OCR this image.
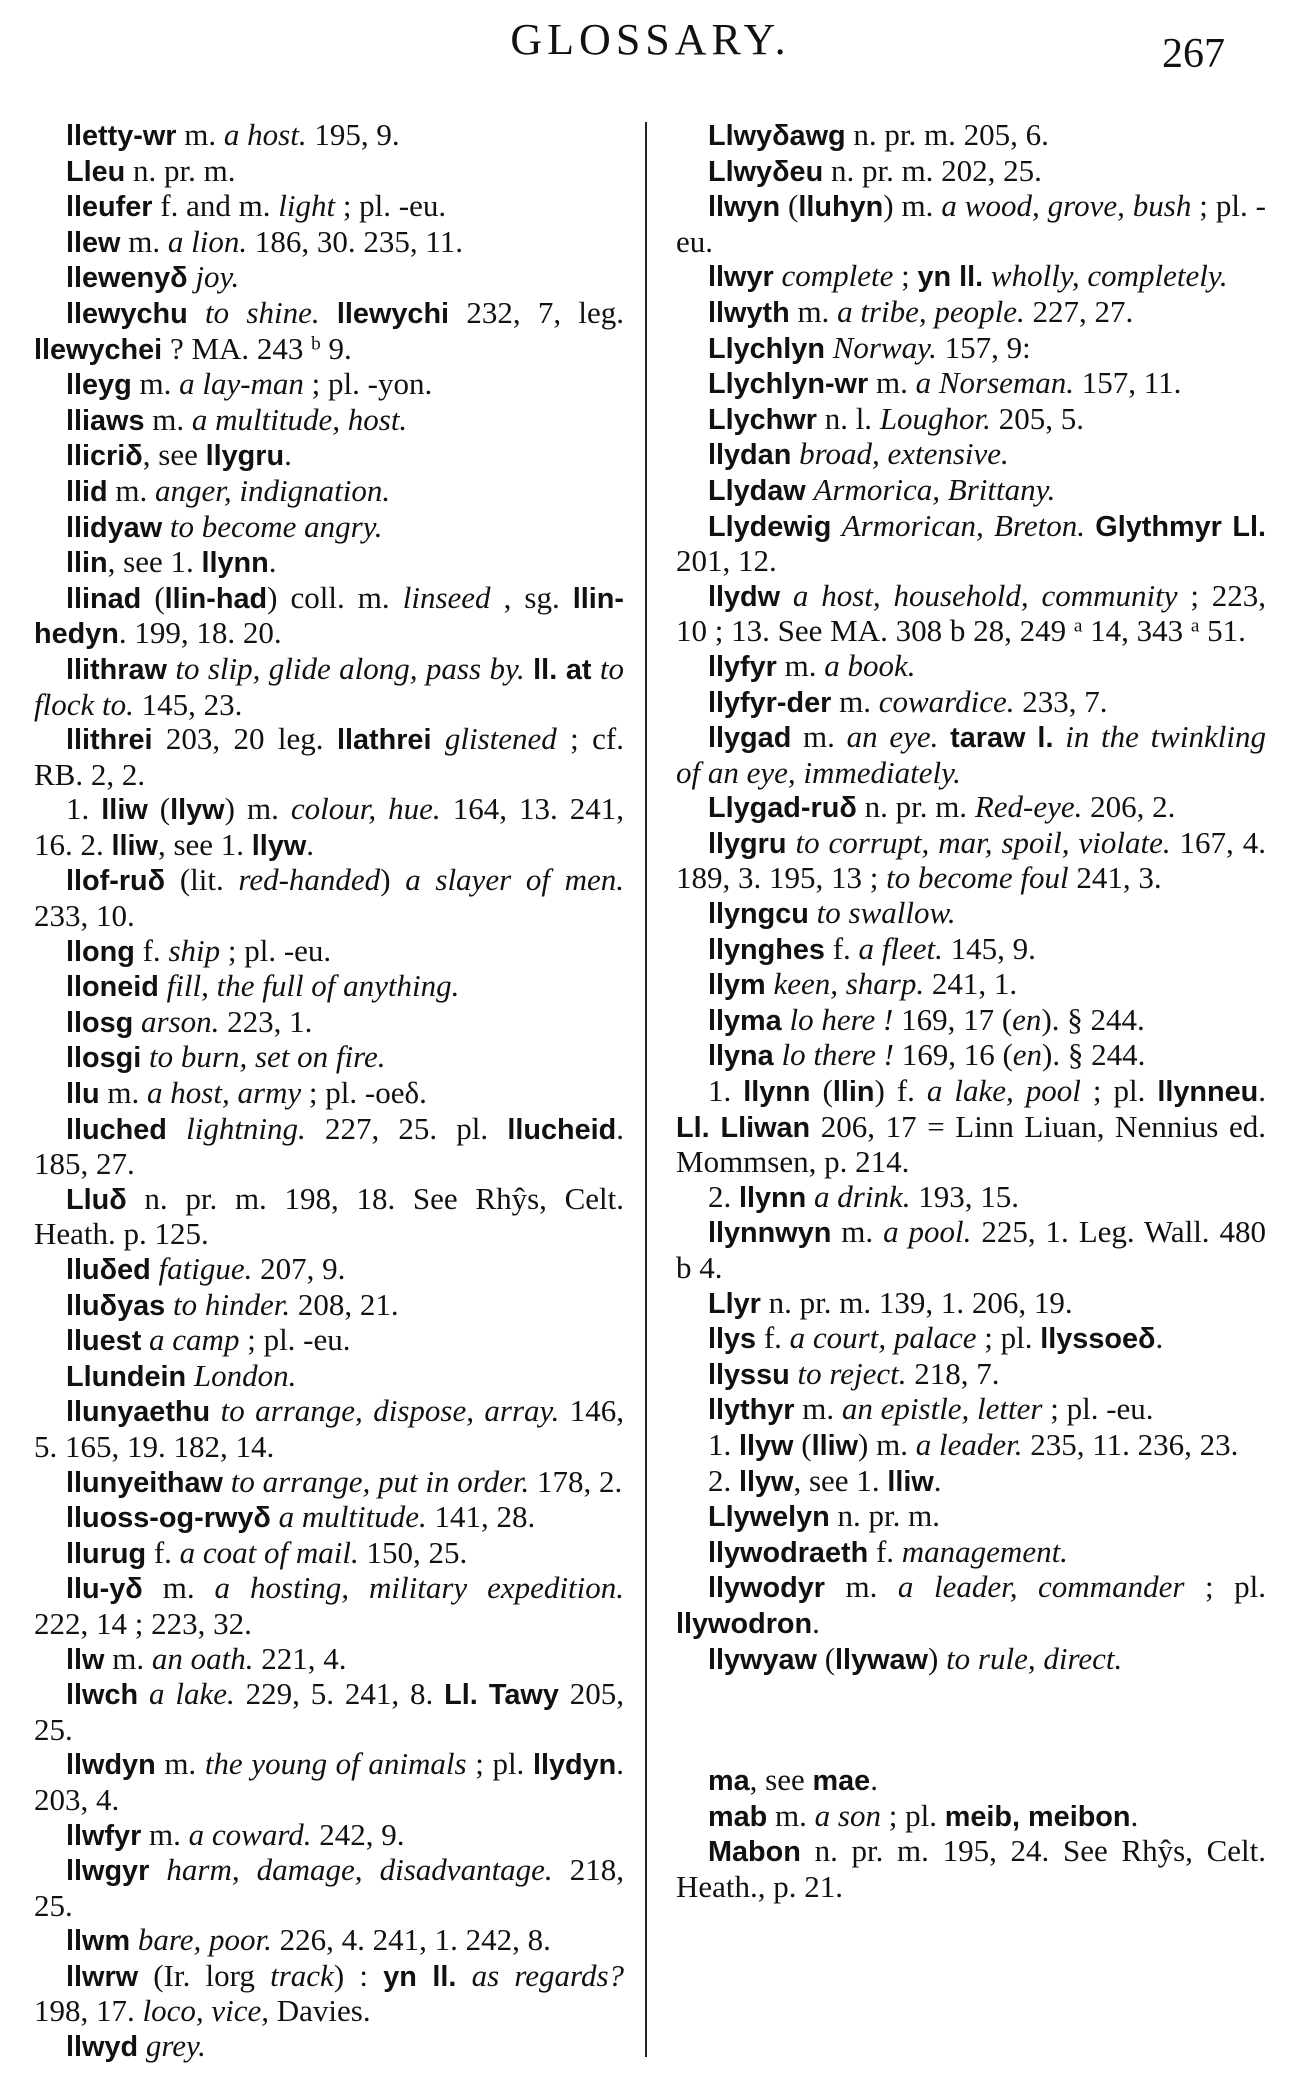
GLOSSARY.	267
lletty-wr m. a host. 195, 9.
Lleu n. pr. m.
lleufer f. and m. light ; pl. -eu.
llew m. a lion. 186, 30. 235, 11.
llewenyδ joy.
llewychu to shine. llewychi 232, 7, leg. llewychei ? MA. 243 $^b$ 9.
lleyg m. a lay-man ; pl. -yon.
lliaws m. a multitude, host.
llicriδ, see llygru.
llid m. anger, indignation.
llidyaw to become angry.
llin, see 1. llynn.
llinad (llin-had) coll. m. linseed , sg. llin-hedyn. 199, 18. 20.
llithraw to slip, glide along, pass by. ll. at to flock to. 145, 23.
llithrei 203, 20 leg. llathrei glistened ; cf. RB. 2, 2.
1. lliw (llyw) m. colour, hue. 164, 13. 241, 16. 2. lliw, see 1. llyw.
llof-ruδ (lit. red-handed) a slayer of men. 233, 10.
llong f. ship ; pl. -eu.
lloneid fill, the full of anything.
llosg arson. 223, 1.
llosgi to burn, set on fire.
llu m. a host, army ; pl. -oeδ.
lluched lightning. 227, 25. pl. llucheid. 185, 27.
Lluδ n. pr. m. 198, 18. See Rhŷs, Celt. Heath. p. 125.
lluδed fatigue. 207, 9.
lluδyas to hinder. 208, 21.
lluest a camp ; pl. -eu.
Llundein London.
llunyaethu to arrange, dispose, array. 146, 5. 165, 19. 182, 14.
llunyeithaw to arrange, put in order. 178, 2.
lluoss-og-rwyδ a multitude. 141, 28.
llurug f. a coat of mail. 150, 25.
llu-yδ m. a hosting, military expedition. 222, 14 ; 223, 32.
llw m. an oath. 221, 4.
llwch a lake. 229, 5. 241, 8. Ll. Tawy 205, 25.
llwdyn m. the young of animals ; pl. llydyn. 203, 4.
llwfyr m. a coward. 242, 9.
llwgyr harm, damage, disadvantage. 218, 25.
llwm bare, poor. 226, 4. 241, 1. 242, 8.
llwrw (Ir. lorg track) : yn ll. as regards? 198, 17. loco, vice, Davies.
llwyd grey.
Llwyδawg n. pr. m. 205, 6.
Llwyδeu n. pr. m. 202, 25.
llwyn (lluhyn) m. a wood, grove, bush ; pl. -eu.
llwyr complete ; yn ll. wholly, completely.
llwyth m. a tribe, people. 227, 27.
Llychlyn Norway. 157, 9:
Llychlyn-wr m. a Norseman. 157, 11.
Llychwr n. l. Loughor. 205, 5.
llydan broad, extensive.
Llydaw Armorica, Brittany.
Llydewig Armorican, Breton. Glythmyr Ll. 201, 12.
llydw a host, household, community ; 223, 10 ; 13. See MA. 308 b 28, 249 $^a$ 14, 343 $^a$ 51.
llyfyr m. a book.
llyfyr-der m. cowardice. 233, 7.
llygad m. an eye. taraw l. in the twinkling of an eye, immediately.
Llygad-ruδ n. pr. m. Red-eye. 206, 2.
llygru to corrupt, mar, spoil, violate. 167, 4. 189, 3. 195, 13 ; to become foul 241, 3.
llyngcu to swallow.
llynghes f. a fleet. 145, 9.
llym keen, sharp. 241, 1.
llyma lo here ! 169, 17 (en). § 244.
llyna lo there ! 169, 16 (en). § 244.
1. llynn (llin) f. a lake, pool ; pl. llynneu. Ll. Lliwan 206, 17 = Linn Liuan, Nennius ed. Mommsen, p. 214.
2. llynn a drink. 193, 15.
llynnwyn m. a pool. 225, 1. Leg. Wall. 480 b 4.
Llyr n. pr. m. 139, 1. 206, 19.
llys f. a court, palace ; pl. llyssoeδ.
llyssu to reject. 218, 7.
llythyr m. an epistle, letter ; pl. -eu.
1. llyw (lliw) m. a leader. 235, 11. 236, 23.
2. llyw, see 1. lliw.
Llywelyn n. pr. m.
llywodraeth f. management.
llywodyr m. a leader, commander ; pl. llywodron.
llywyaw (llywaw) to rule, direct.
ma, see mae.
mab m. a son ; pl. meib, meibon.
Mabon n. pr. m. 195, 24. See Rhŷs, Celt. Heath., p. 21.
